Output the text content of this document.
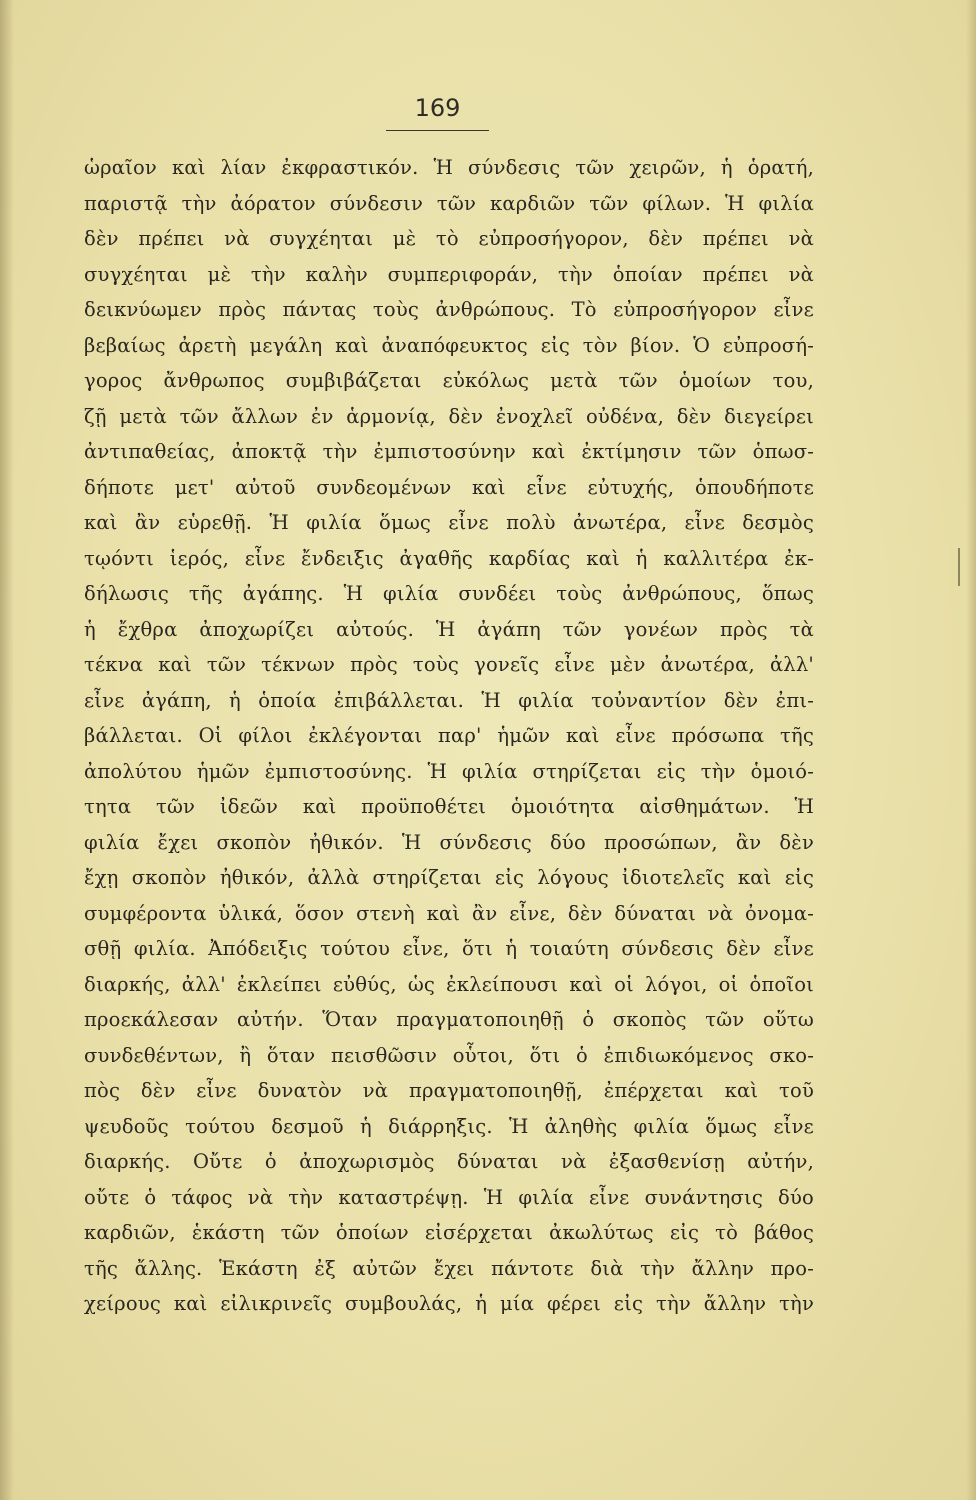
169
ὡραῖον καὶ λίαν ἐκφραστικόν. Ἡ σύνδεσις τῶν χειρῶν, ἡ ὁρατή,
παριστᾷ τὴν ἀόρατον σύνδεσιν τῶν καρδιῶν τῶν φίλων. Ἡ φιλία
δὲν πρέπει νὰ συγχέηται μὲ τὸ εὐπροσήγορον, δὲν πρέπει νὰ
συγχέηται μὲ τὴν καλὴν συμπεριφοράν, τὴν ὁποίαν πρέπει νὰ
δεικνύωμεν πρὸς πάντας τοὺς ἀνθρώπους. Τὸ εὐπροσήγορον εἶνε
βεβαίως ἀρετὴ μεγάλη καὶ ἀναπόφευκτος εἰς τὸν βίον. Ὁ εὐπροσή-
γορος ἄνθρωπος συμβιβάζεται εὐκόλως μετὰ τῶν ὁμοίων του,
ζῇ μετὰ τῶν ἄλλων ἐν ἁρμονίᾳ, δὲν ἐνοχλεῖ οὐδένα, δὲν διεγείρει
ἀντιπαθείας, ἀποκτᾷ τὴν ἐμπιστοσύνην καὶ ἐκτίμησιν τῶν ὁπωσ-
δήποτε μετ' αὐτοῦ συνδεομένων καὶ εἶνε εὐτυχής, ὁπουδήποτε
καὶ ἂν εὑρεθῇ. Ἡ φιλία ὅμως εἶνε πολὺ ἀνωτέρα, εἶνε δεσμὸς
τῳόντι ἱερός, εἶνε ἔνδειξις ἀγαθῆς καρδίας καὶ ἡ καλλιτέρα ἐκ-
δήλωσις τῆς ἀγάπης. Ἡ φιλία συνδέει τοὺς ἀνθρώπους, ὅπως
ἡ ἔχθρα ἀποχωρίζει αὐτούς. Ἡ ἀγάπη τῶν γονέων πρὸς τὰ
τέκνα καὶ τῶν τέκνων πρὸς τοὺς γονεῖς εἶνε μὲν ἀνωτέρα, ἀλλ'
εἶνε ἀγάπη, ἡ ὁποία ἐπιβάλλεται. Ἡ φιλία τοὐναντίον δὲν ἐπι-
βάλλεται. Οἱ φίλοι ἐκλέγονται παρ' ἡμῶν καὶ εἶνε πρόσωπα τῆς
ἀπολύτου ἡμῶν ἐμπιστοσύνης. Ἡ φιλία στηρίζεται εἰς τὴν ὁμοιό-
τητα τῶν ἰδεῶν καὶ προϋποθέτει ὁμοιότητα αἰσθημάτων. Ἡ
φιλία ἔχει σκοπὸν ἠθικόν. Ἡ σύνδεσις δύο προσώπων, ἂν δὲν
ἔχῃ σκοπὸν ἠθικόν, ἀλλὰ στηρίζεται εἰς λόγους ἰδιοτελεῖς καὶ εἰς
συμφέροντα ὑλικά, ὅσον στενὴ καὶ ἂν εἶνε, δὲν δύναται νὰ ὀνομα-
σθῇ φιλία. Ἀπόδειξις τούτου εἶνε, ὅτι ἡ τοιαύτη σύνδεσις δὲν εἶνε
διαρκής, ἀλλ' ἐκλείπει εὐθύς, ὡς ἐκλείπουσι καὶ οἱ λόγοι, οἱ ὁποῖοι
προεκάλεσαν αὐτήν. Ὅταν πραγματοποιηθῇ ὁ σκοπὸς τῶν οὕτω
συνδεθέντων, ἢ ὅταν πεισθῶσιν οὗτοι, ὅτι ὁ ἐπιδιωκόμενος σκο-
πὸς δὲν εἶνε δυνατὸν νὰ πραγματοποιηθῇ, ἐπέρχεται καὶ τοῦ
ψευδοῦς τούτου δεσμοῦ ἡ διάρρηξις. Ἡ ἀληθὴς φιλία ὅμως εἶνε
διαρκής. Οὔτε ὁ ἀποχωρισμὸς δύναται νὰ ἐξασθενίσῃ αὐτήν,
οὔτε ὁ τάφος νὰ τὴν καταστρέψῃ. Ἡ φιλία εἶνε συνάντησις δύο
καρδιῶν, ἑκάστη τῶν ὁποίων εἰσέρχεται ἀκωλύτως εἰς τὸ βάθος
τῆς ἄλλης. Ἑκάστη ἐξ αὐτῶν ἔχει πάντοτε διὰ τὴν ἄλλην προ-
χείρους καὶ εἰλικρινεῖς συμβουλάς, ἡ μία φέρει εἰς τὴν ἄλλην τὴν
